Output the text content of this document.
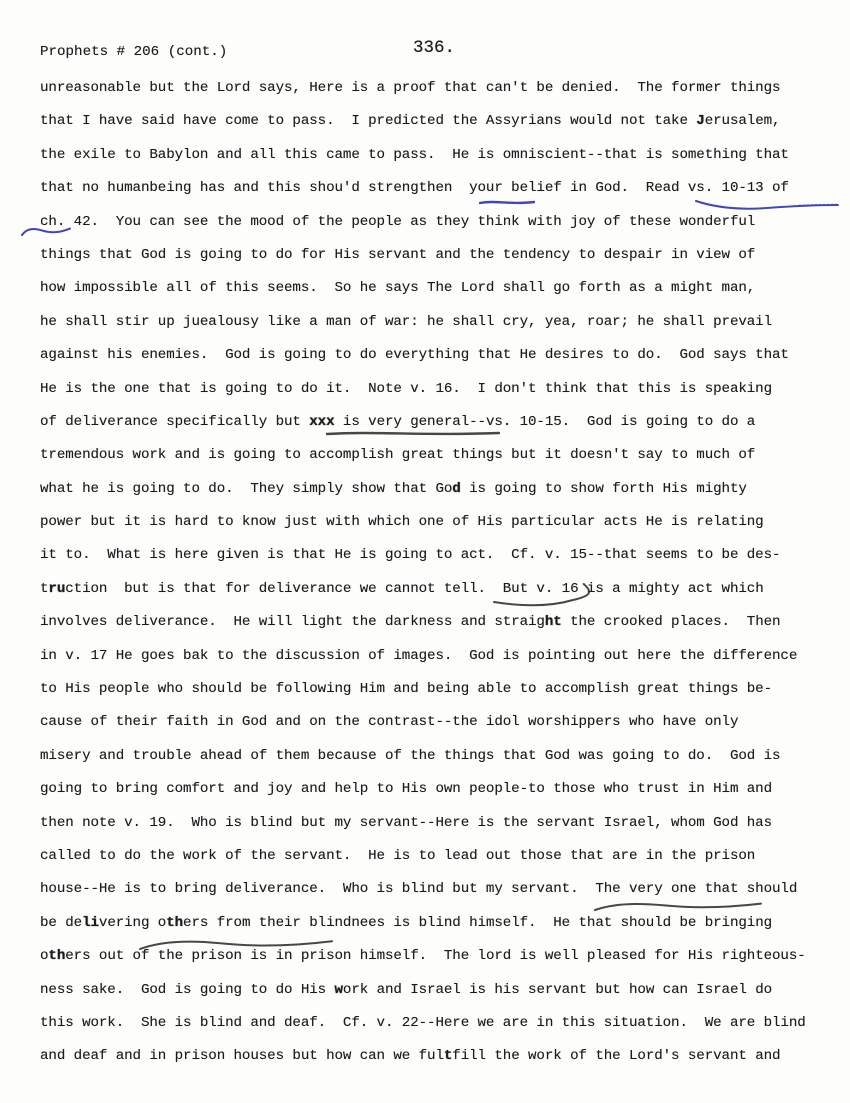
Prophets # 206 (cont.)	336.
unreasonable but the Lord says, Here is a proof that can't be denied.  The former things
that I have said have come to pass.  I predicted the Assyrians would not take Jerusalem,
the exile to Babylon and all this came to pass.  He is omniscient--that is something that
that no humanbeing has and this shou'd strengthen  your belief in God.  Read vs. 10-13 of
ch. 42.  You can see the mood of the people as they think with joy of these wonderful
things that God is going to do for His servant and the tendency to despair in view of
how impossible all of this seems.  So he says The Lord shall go forth as a might man,
he shall stir up juealousy like a man of war: he shall cry, yea, roar; he shall prevail
against his enemies.  God is going to do everything that He desires to do.  God says that
He is the one that is going to do it.  Note v. 16.  I don't think that this is speaking
of deliverance specifically but xxx is very general--vs. 10-15.  God is going to do a
tremendous work and is going to accomplish great things but it doesn't say to much of
what he is going to do.  They simply show that God is going to show forth His mighty
power but it is hard to know just with which one of His particular acts He is relating
it to.  What is here given is that He is going to act.  Cf. v. 15--that seems to be des-
truction  but is that for deliverance we cannot tell.  But v. 16 is a mighty act which
involves deliverance.  He will light the darkness and straight the crooked places.  Then
in v. 17 He goes bak to the discussion of images.  God is pointing out here the difference
to His people who should be following Him and being able to accomplish great things be-
cause of their faith in God and on the contrast--the idol worshippers who have only
misery and trouble ahead of them because of the things that God was going to do.  God is
going to bring comfort and joy and help to His own people-to those who trust in Him and
then note v. 19.  Who is blind but my servant--Here is the servant Israel, whom God has
called to do the work of the servant.  He is to lead out those that are in the prison
house--He is to bring deliverance.  Who is blind but my servant.  The very one that should
be delivering others from their blindnees is blind himself.  He that should be bringing
others out of the prison is in prison himself.  The lord is well pleased for His righteous-
ness sake.  God is going to do His work and Israel is his servant but how can Israel do
this work.  She is blind and deaf.  Cf. v. 22--Here we are in this situation.  We are blind
and deaf and in prison houses but how can we fultfill the work of the Lord's servant and
